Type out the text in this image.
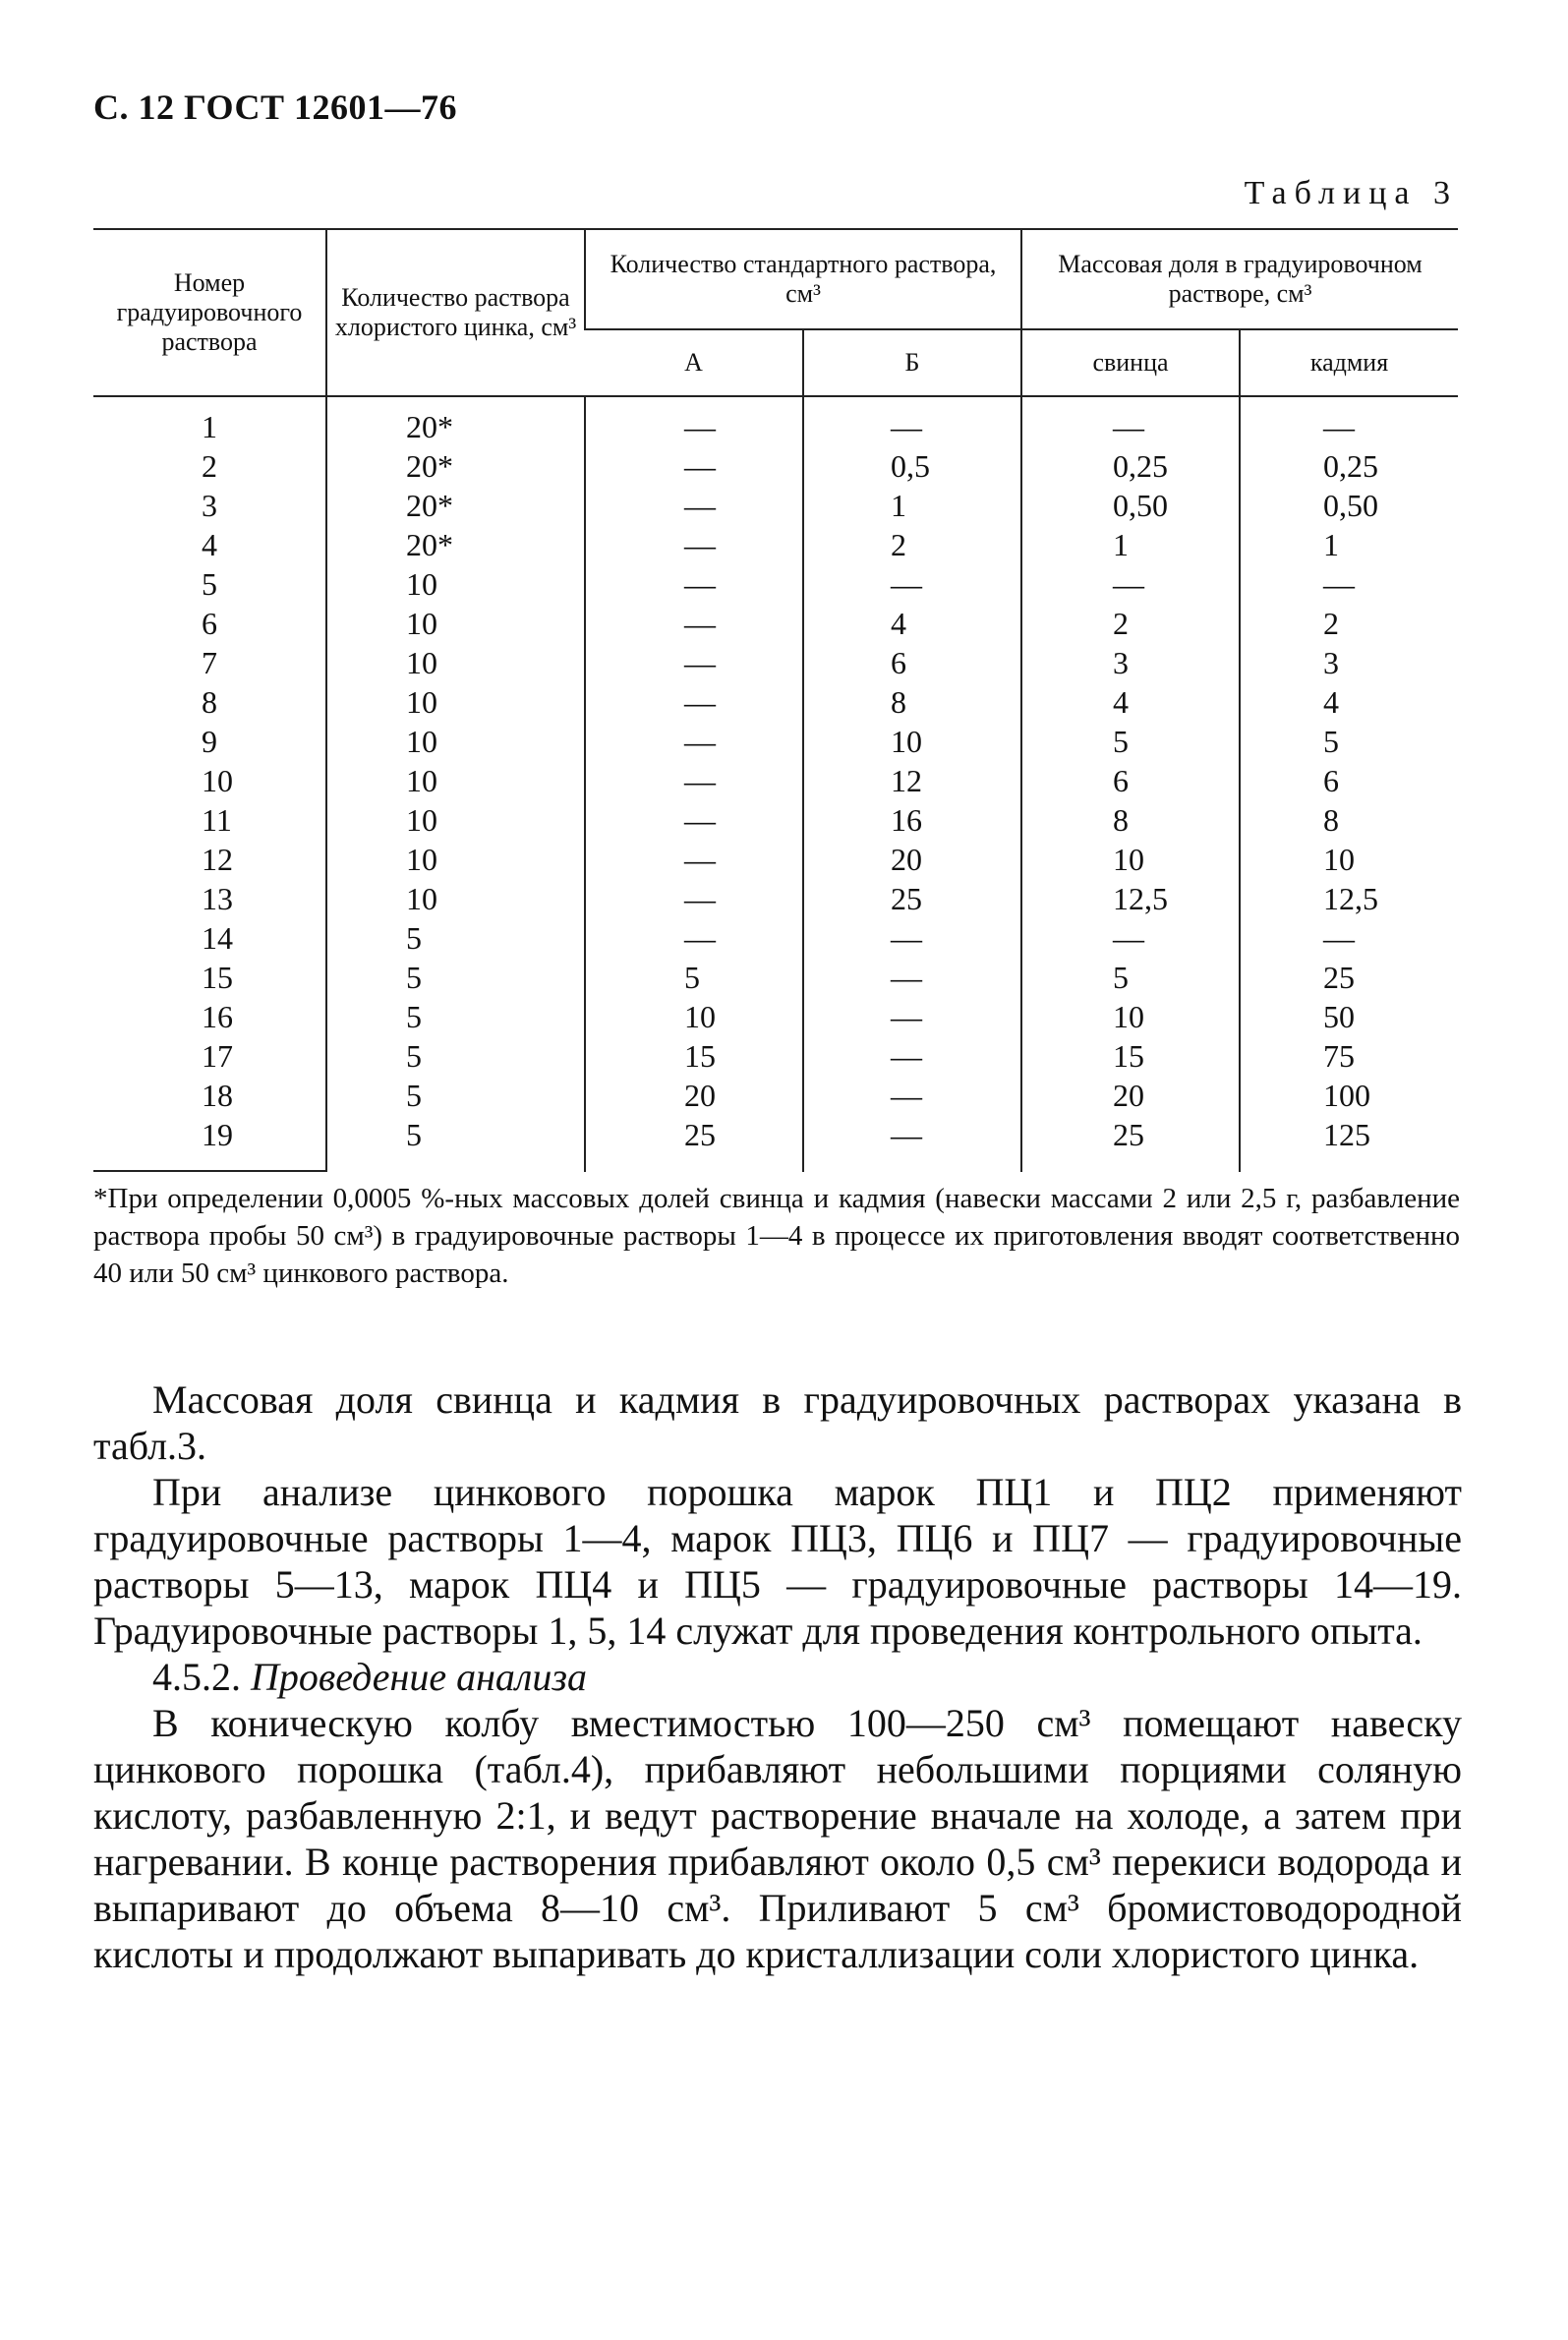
С. 12 ГОСТ 12601—76
Таблица 3
Номер градуировочного раствора	Количество раствора хлористого цинка, см³	Количество стандартного раствора, см³		Массовая доля в градуировочном растворе, см³	
		А	Б	свинца	кадмия
1	20*	—	—	—	—
2	20*	—	0,5	0,25	0,25
3	20*	—	1	0,50	0,50
4	20*	—	2	1	1
5	10	—	—	—	—
6	10	—	4	2	2
7	10	—	6	3	3
8	10	—	8	4	4
9	10	—	10	5	5
10	10	—	12	6	6
11	10	—	16	8	8
12	10	—	20	10	10
13	10	—	25	12,5	12,5
14	5	—	—	—	—
15	5	5	—	5	25
16	5	10	—	10	50
17	5	15	—	15	75
18	5	20	—	20	100
19	5	25	—	25	125
*При определении 0,0005 %-ных массовых долей свинца и кадмия (навески массами 2 или 2,5 г, разбавление раствора пробы 50 см³) в градуировочные растворы 1—4 в процессе их приготовления вводят соответственно 40 или 50 см³ цинкового раствора.

Массовая доля свинца и кадмия в градуировочных растворах указана в табл.3.

При анализе цинкового порошка марок ПЦ1 и ПЦ2 применяют градуировочные растворы 1—4, марок ПЦ3, ПЦ6 и ПЦ7 — градуировочные растворы 5—13, марок ПЦ4 и ПЦ5 — градуировочные растворы 14—19. Градуировочные растворы 1, 5, 14 служат для проведения контрольного опыта.

4.5.2. Проведение анализа

В коническую колбу вместимостью 100—250 см³ помещают навеску цинкового порошка (табл.4), прибавляют небольшими порциями соляную кислоту, разбавленную 2:1, и ведут растворение вначале на холоде, а затем при нагревании. В конце растворения прибавляют около 0,5 см³ перекиси водорода и выпаривают до объема 8—10 см³. Приливают 5 см³ бромистоводородной кислоты и продолжают выпаривать до кристаллизации соли хлористого цинка.
